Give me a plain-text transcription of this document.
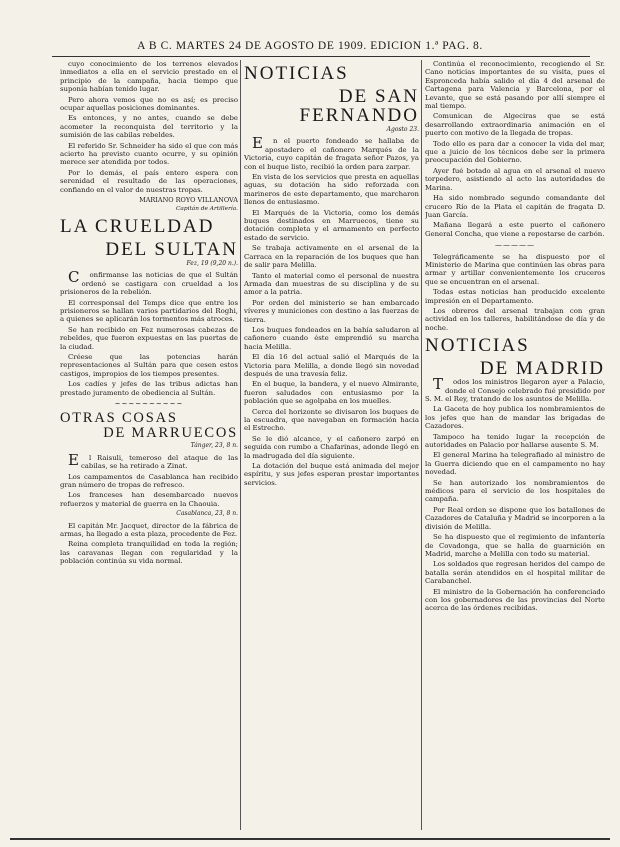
A B C. MARTES 24 DE AGOSTO DE 1909. EDICION 1.ª PAG. 8.

cuyo conocimiento de los terrenos elevados inmediatos a ella en el servicio prestado en el principio de la campaña, hacia tiempo que suponía habían tenido lugar.

Pero ahora vemos que no es así; es preciso ocupar aquellas posiciones dominantes.

Es entonces, y no antes, cuando se debe acometer la reconquista del territorio y la sumisión de las cabilas rebeldes.

El referido Sr. Schneider ha sido el que con más acierto ha previsto cuanto ocurre, y su opinión merece ser atendida por todos.

Por lo demás, el país entero espera con serenidad el resultado de las operaciones, confiando en el valor de nuestras tropas.

MARIANO ROYO VILLANOVA

Capitán de Artillería.

LA CRUELDAD

DEL SULTAN

Fez, 19 (9,20 n.).

Confirmanse las noticias de que el Sultán ordenó se castigara con crueldad a los prisioneros de la rebelión.

El corresponsal del Temps dice que entre los prisioneros se hallan varios partidarios del Roghi, a quienes se aplicarán los tormentos más atroces.

Se han recibido en Fez numerosas cabezas de rebeldes, que fueron expuestas en las puertas de la ciudad.

Créese que las potencias harán representaciones al Sultán para que cesen estos castigos, impropios de los tiempos presentes.

Los cadíes y jefes de las tribus adictas han prestado juramento de obediencia al Sultán.

~~~~~~~~~~

OTRAS COSAS

DE MARRUECOS

Tánger, 23, 8 n.

El Raisuli, temeroso del ataque de las cabilas, se ha retirado a Zinat.

Los campamentos de Casablanca han recibido gran número de tropas de refresco.

Los franceses han desembarcado nuevos refuerzos y material de guerra en la Chaouia.

Casablanca, 23, 8 n.

El capitán Mr. Jacquet, director de la fábrica de armas, ha llegado a esta plaza, procedente de Fez.

Reina completa tranquilidad en toda la región; las caravanas llegan con regularidad y la población continúa su vida normal.

NOTICIAS

DE SAN FERNANDO

Agosto 23.

En el puerto fondeado se hallaba de apostadero el cañonero Marqués de la Victoria, cuyo capitán de fragata señor Pazos, ya con el buque listo, recibió la orden para zarpar.

En vista de los servicios que presta en aquellas aguas, su dotación ha sido reforzada con marineros de este departamento, que marcharon llenos de entusiasmo.

El Marqués de la Victoria, como los demás buques destinados en Marruecos, tiene su dotación completa y el armamento en perfecto estado de servicio.

Se trabaja activamente en el arsenal de la Carraca en la reparación de los buques que han de salir para Melilla.

Tanto el material como el personal de nuestra Armada dan muestras de su disciplina y de su amor a la patria.

Por orden del ministerio se han embarcado víveres y municiones con destino a las fuerzas de tierra.

Los buques fondeados en la bahía saludaron al cañonero cuando éste emprendió su marcha hacia Melilla.

El día 16 del actual salió el Marqués de la Victoria para Melilla, a donde llegó sin novedad después de una travesía feliz.

En el buque, la bandera, y el nuevo Almirante, fueron saludados con entusiasmo por la población que se agolpaba en los muelles.

Cerca del horizonte se divisaron los buques de la escuadra, que navegaban en formación hacia el Estrecho.

Se le dió alcance, y el cañonero zarpó en seguida con rumbo a Chafarinas, adonde llegó en la madrugada del día siguiente.

La dotación del buque está animada del mejor espíritu, y sus jefes esperan prestar importantes servicios.

Continúa el reconocimiento, recogiendo el Sr. Cano noticias importantes de su visita, pues el Espronceda había salido el día 4 del arsenal de Cartagena para Valencia y Barcelona, por el Levante, que se está pasando por allí siempre el mal tiempo.

Comunican de Algeciras que se está desarrollando extraordinaria animación en el puerto con motivo de la llegada de tropas.

Todo ello es para dar a conocer la vida del mar, que a juicio de los técnicos debe ser la primera preocupación del Gobierno.

Ayer fué botado al agua en el arsenal el nuevo torpedero, asistiendo al acto las autoridades de Marina.

Ha sido nombrado segundo comandante del crucero Río de la Plata el capitán de fragata D. Juan García.

Mañana llegará a este puerto el cañonero General Concha, que viene a repostarse de carbón.

—————

Telegráficamente se ha dispuesto por el Ministerio de Marina que continúen las obras para armar y artillar convenientemente los cruceros que se encuentran en el arsenal.

Todas estas noticias han producido excelente impresión en el Departamento.

Los obreros del arsenal trabajan con gran actividad en los talleres, habilitándose de día y de noche.

NOTICIAS

DE MADRID

Todos los ministros llegaron ayer a Palacio, donde el Consejo celebrado fué presidido por S. M. el Rey, tratando de los asuntos de Melilla.

La Gaceta de hoy publica los nombramientos de los jefes que han de mandar las brigadas de Cazadores.

Tampoco ha tenido lugar la recepción de autoridades en Palacio por hallarse ausente S. M.

El general Marina ha telegrafiado al ministro de la Guerra diciendo que en el campamento no hay novedad.

Se han autorizado los nombramientos de médicos para el servicio de los hospitales de campaña.

Por Real orden se dispone que los batallones de Cazadores de Cataluña y Madrid se incorporen a la división de Melilla.

Se ha dispuesto que el regimiento de infantería de Covadonga, que se halla de guarnición en Madrid, marche a Melilla con todo su material.

Los soldados que regresan heridos del campo de batalla serán atendidos en el hospital militar de Carabanchel.

El ministro de la Gobernación ha conferenciado con los gobernadores de las provincias del Norte acerca de las órdenes recibidas.
